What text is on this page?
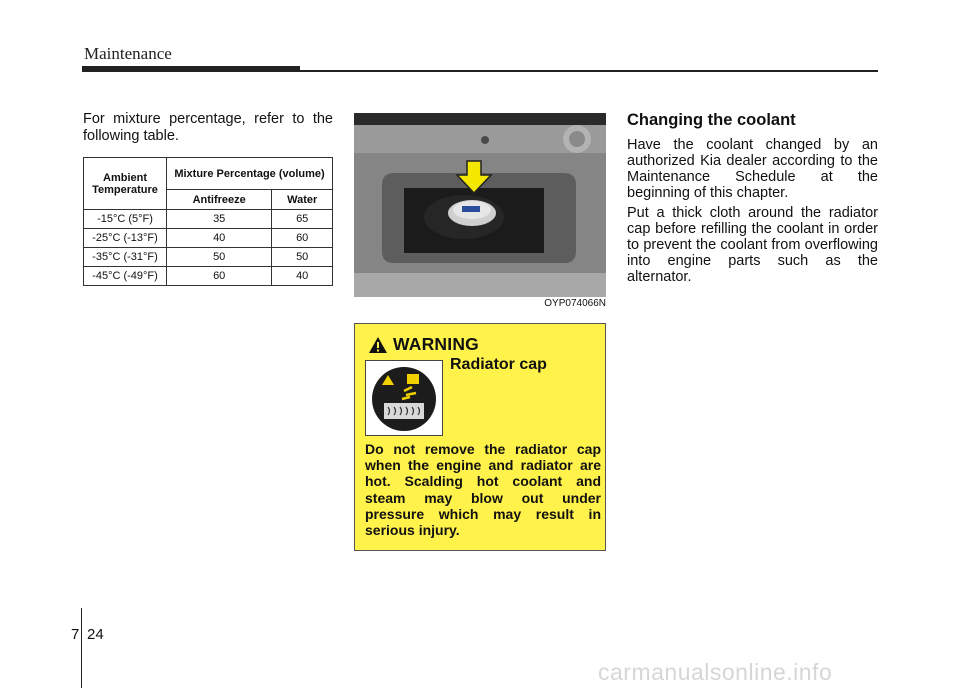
Maintenance

For mixture percentage, refer to the following table.

Ambient Temperature	Mixture Percentage (volume)	
	Antifreeze	Water
-15°C (5°F)	35	65
-25°C (-13°F)	40	60
-35°C (-31°F)	50	50
-45°C (-49°F)	60	40
OYP074066N
WARNING
Radiator cap
Do not remove the radiator cap when the engine and radiator are hot. Scalding hot coolant and steam may blow out under pressure which may result in serious injury.
Changing the coolant

Have the coolant changed by an authorized Kia dealer according to the Maintenance Schedule at the beginning of this chapter.

Put a thick cloth around the radiator cap before refilling the coolant in order to prevent the coolant from overflowing into engine parts such as the alternator.

7 24
carmanualsonline.info
